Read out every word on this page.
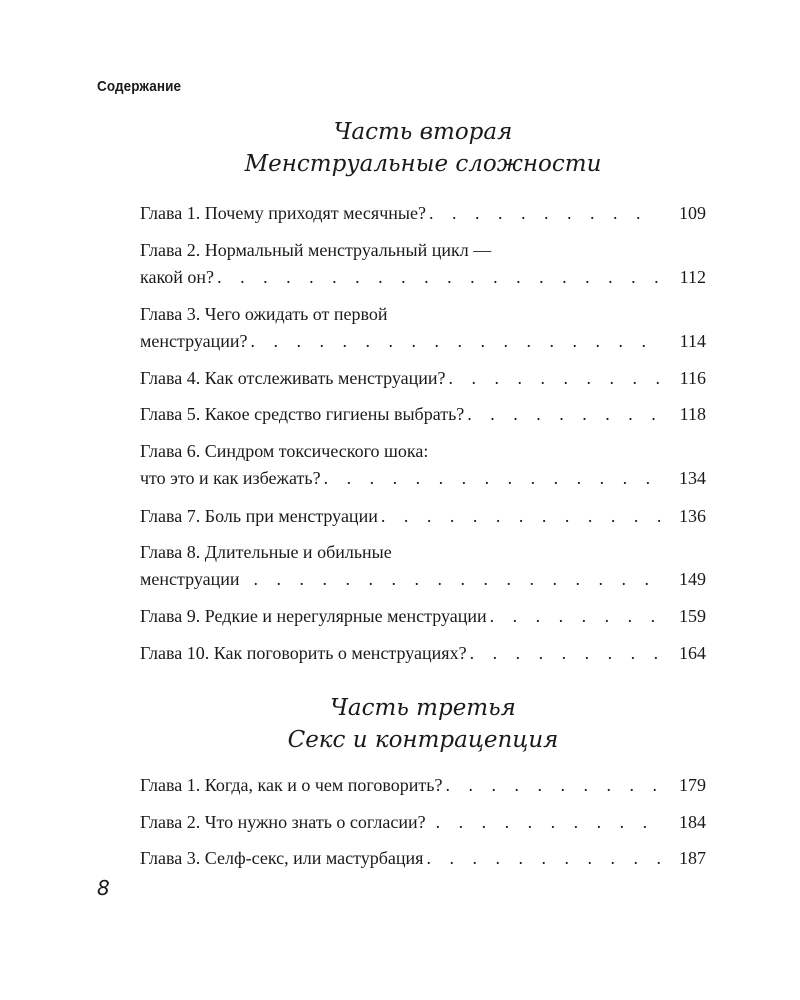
Содержание
Часть вторая
Менструальные сложности
Глава 1. Почему приходят месячные? . . .	109
Глава 2. Нормальный менструальный цикл —
какой он? . . .	112
Глава 3. Чего ожидать от первой
менструации? . . .	114
Глава 4. Как отслеживать менструации? . . .	116
Глава 5. Какое средство гигиены выбрать? . . .	118
Глава 6. Синдром токсического шока:
что это и как избежать? . . .	134
Глава 7. Боль при менструации . . .	136
Глава 8. Длительные и обильные
менструации . . .	149
Глава 9. Редкие и нерегулярные менструации . . .	159
Глава 10. Как поговорить о менструациях? . . .	164
Часть третья
Секс и контрацепция
Глава 1. Когда, как и о чем поговорить? . . .	179
Глава 2. Что нужно знать о согласии? . . .	184
Глава 3. Селф-секс, или мастурбация . . .	187
8
